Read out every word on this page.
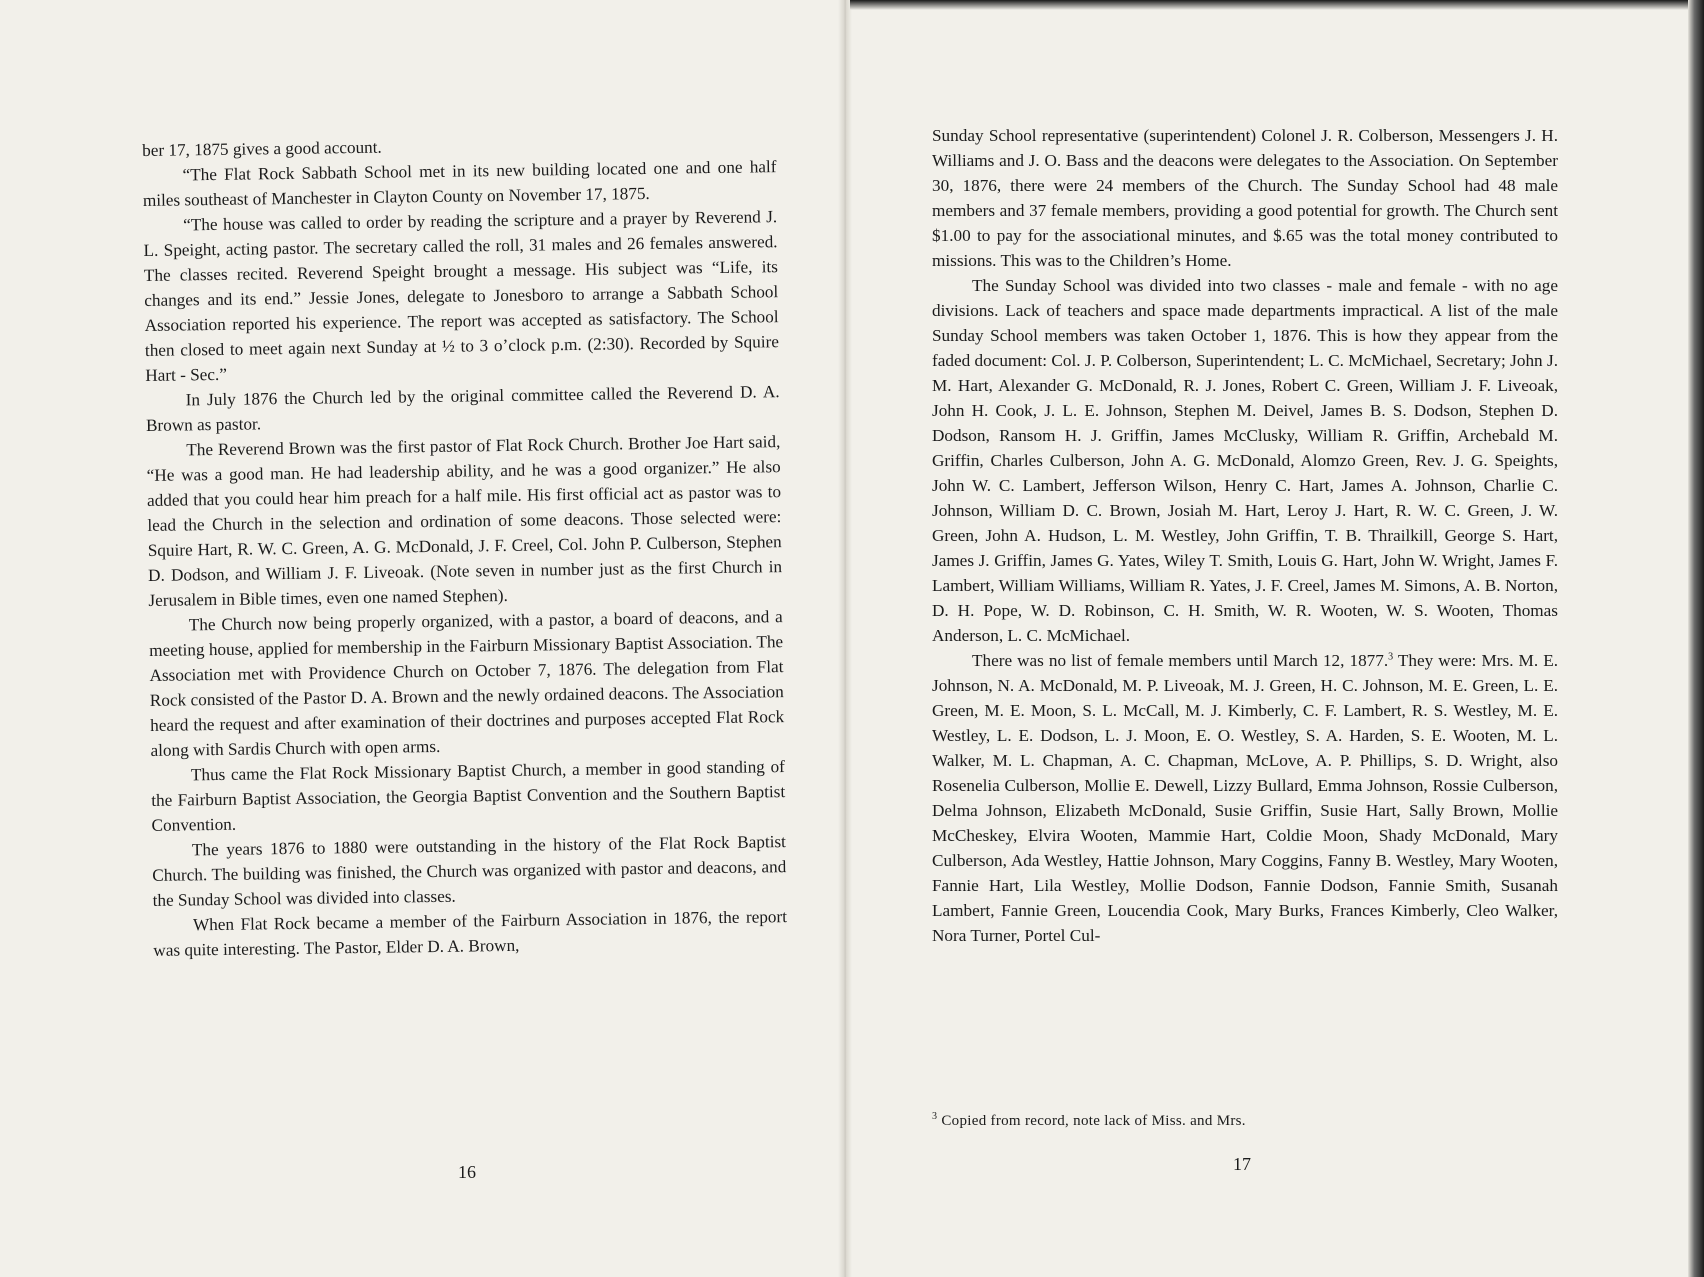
ber 17, 1875 gives a good account.

“The Flat Rock Sabbath School met in its new building located one and one half miles southeast of Manchester in Clayton County on November 17, 1875.

“The house was called to order by reading the scripture and a prayer by Reverend J. L. Speight, acting pastor. The secretary called the roll, 31 males and 26 females answered. The classes recited. Reverend Speight brought a message. His subject was “Life, its changes and its end.” Jessie Jones, delegate to Jonesboro to arrange a Sabbath School Association reported his experience. The report was accepted as satisfactory. The School then closed to meet again next Sunday at ½ to 3 o’clock p.m. (2:30). Recorded by Squire Hart - Sec.”

In July 1876 the Church led by the original committee called the Reverend D. A. Brown as pastor.

The Reverend Brown was the first pastor of Flat Rock Church. Brother Joe Hart said, “He was a good man. He had leadership ability, and he was a good organizer.” He also added that you could hear him preach for a half mile. His first official act as pastor was to lead the Church in the selection and ordination of some deacons. Those selected were: Squire Hart, R. W. C. Green, A. G. McDonald, J. F. Creel, Col. John P. Culberson, Stephen D. Dodson, and William J. F. Liveoak. (Note seven in number just as the first Church in Jerusalem in Bible times, even one named Stephen).

The Church now being properly organized, with a pastor, a board of deacons, and a meeting house, applied for membership in the Fairburn Missionary Baptist Association. The Association met with Providence Church on October 7, 1876. The delegation from Flat Rock consisted of the Pastor D. A. Brown and the newly ordained deacons. The Association heard the request and after examination of their doctrines and purposes accepted Flat Rock along with Sardis Church with open arms.

Thus came the Flat Rock Missionary Baptist Church, a member in good standing of the Fairburn Baptist Association, the Georgia Baptist Convention and the Southern Baptist Convention.

The years 1876 to 1880 were outstanding in the history of the Flat Rock Baptist Church. The building was finished, the Church was organized with pastor and deacons, and the Sunday School was divided into classes.

When Flat Rock became a member of the Fairburn Association in 1876, the report was quite interesting. The Pastor, Elder D. A. Brown,

16

Sunday School representative (superintendent) Colonel J. R. Colberson, Messengers J. H. Williams and J. O. Bass and the deacons were delegates to the Association. On September 30, 1876, there were 24 members of the Church. The Sunday School had 48 male members and 37 female members, providing a good potential for growth. The Church sent $1.00 to pay for the associational minutes, and $.65 was the total money contributed to missions. This was to the Children’s Home.

The Sunday School was divided into two classes - male and female - with no age divisions. Lack of teachers and space made departments impractical. A list of the male Sunday School members was taken October 1, 1876. This is how they appear from the faded document: Col. J. P. Colberson, Superintendent; L. C. McMichael, Secretary; John J. M. Hart, Alexander G. McDonald, R. J. Jones, Robert C. Green, William J. F. Liveoak, John H. Cook, J. L. E. Johnson, Stephen M. Deivel, James B. S. Dodson, Stephen D. Dodson, Ransom H. J. Griffin, James McClusky, William R. Griffin, Archebald M. Griffin, Charles Culberson, John A. G. McDonald, Alomzo Green, Rev. J. G. Speights, John W. C. Lambert, Jefferson Wilson, Henry C. Hart, James A. Johnson, Charlie C. Johnson, William D. C. Brown, Josiah M. Hart, Leroy J. Hart, R. W. C. Green, J. W. Green, John A. Hudson, L. M. Westley, John Griffin, T. B. Thrailkill, George S. Hart, James J. Griffin, James G. Yates, Wiley T. Smith, Louis G. Hart, John W. Wright, James F. Lambert, William Williams, William R. Yates, J. F. Creel, James M. Simons, A. B. Norton, D. H. Pope, W. D. Robinson, C. H. Smith, W. R. Wooten, W. S. Wooten, Thomas Anderson, L. C. McMichael.

There was no list of female members until March 12, 1877.$^3$ They were: Mrs. M. E. Johnson, N. A. McDonald, M. P. Liveoak, M. J. Green, H. C. Johnson, M. E. Green, L. E. Green, M. E. Moon, S. L. McCall, M. J. Kimberly, C. F. Lambert, R. S. Westley, M. E. Westley, L. E. Dodson, L. J. Moon, E. O. Westley, S. A. Harden, S. E. Wooten, M. L. Walker, M. L. Chapman, A. C. Chapman, McLove, A. P. Phillips, S. D. Wright, also Rosenelia Culberson, Mollie E. Dewell, Lizzy Bullard, Emma Johnson, Rossie Culberson, Delma Johnson, Elizabeth McDonald, Susie Griffin, Susie Hart, Sally Brown, Mollie McCheskey, Elvira Wooten, Mammie Hart, Coldie Moon, Shady McDonald, Mary Culberson, Ada Westley, Hattie Johnson, Mary Coggins, Fanny B. Westley, Mary Wooten, Fannie Hart, Lila Westley, Mollie Dodson, Fannie Dodson, Fannie Smith, Susanah Lambert, Fannie Green, Loucendia Cook, Mary Burks, Frances Kimberly, Cleo Walker, Nora Turner, Portel Cul-

$^3$ Copied from record, note lack of Miss. and Mrs.
17
